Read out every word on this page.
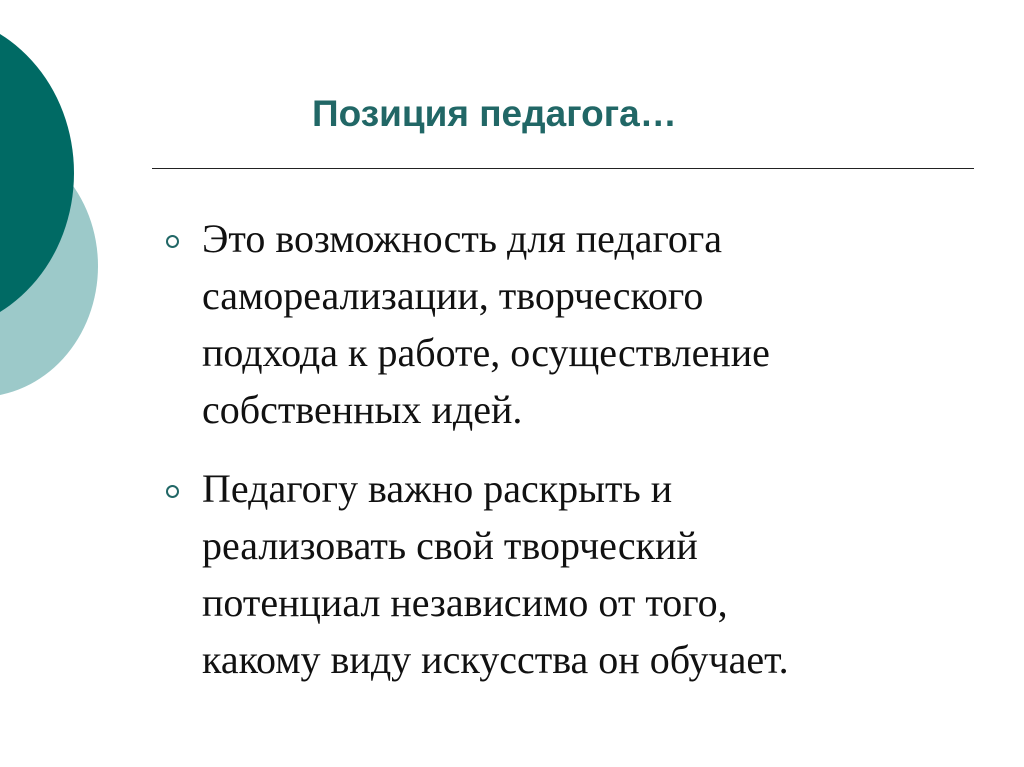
Позиция педагога…
Это возможность для педагога
самореализации, творческого
подхода к работе, осуществление
собственных идей.
Педагогу важно раскрыть и
реализовать свой творческий
потенциал независимо от того,
какому виду искусства он обучает.
